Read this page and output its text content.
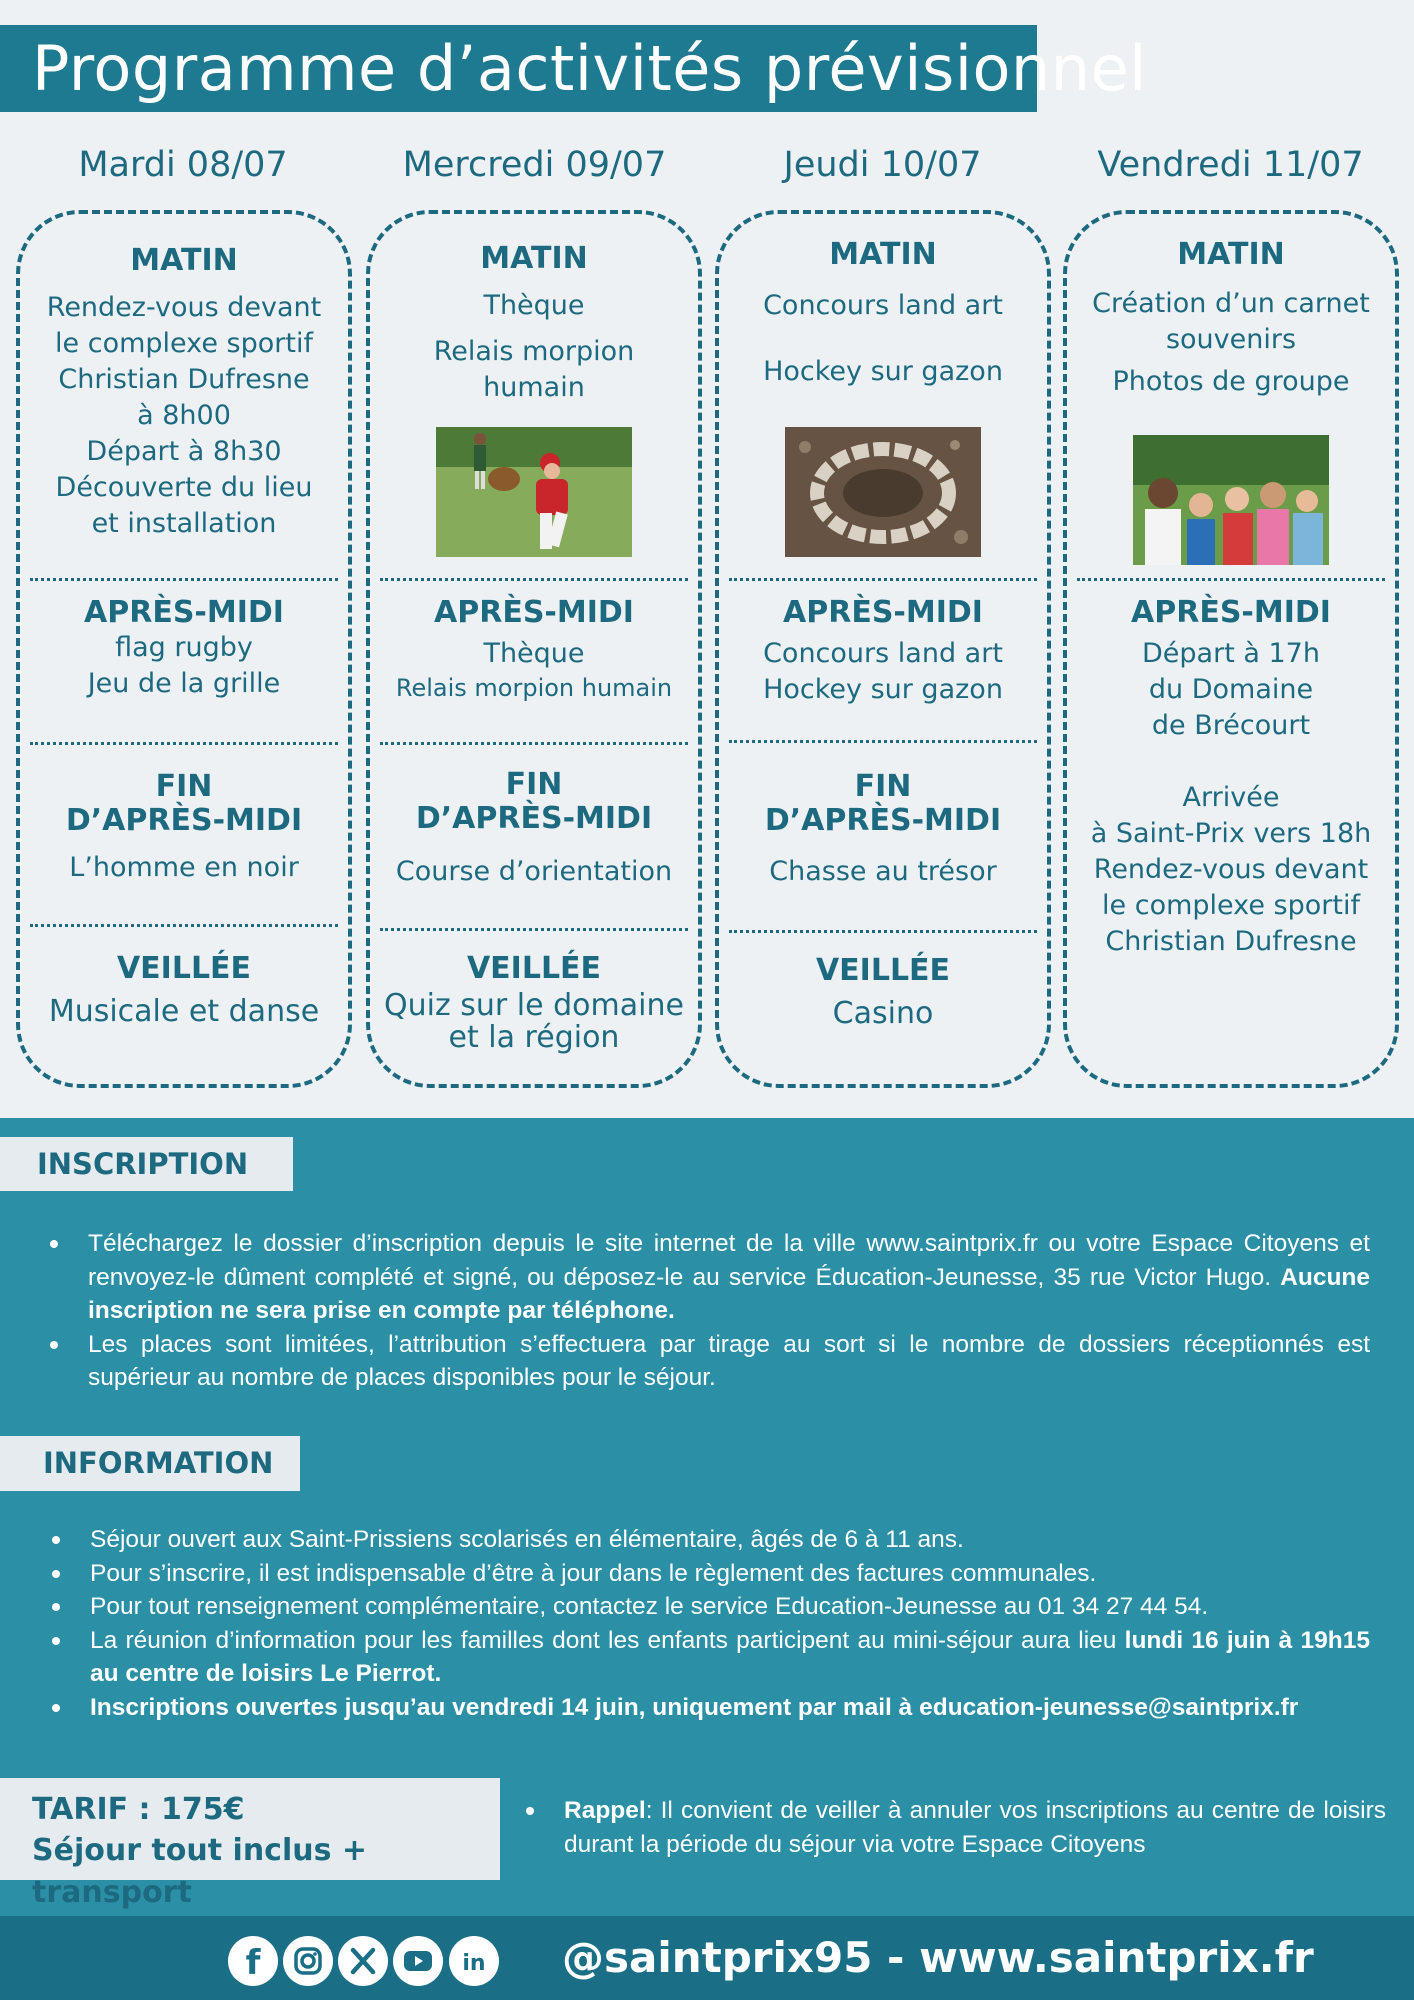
Programme d’activités prévisionnel
Mardi 08/07	Mercredi 09/07	Jeudi 10/07	Vendredi 11/07
MATIN

Rendez-vous devant

le complexe sportif

Christian Dufresne

à 8h00

Départ à 8h30

Découverte du lieu

et installation

APRÈS-MIDI

flag rugby

Jeu de la grille

FIN
D’APRÈS-MIDI

L’homme en noir

VEILLÉE

Musicale et danse

MATIN

Thèque

Relais morpion

humain

APRÈS-MIDI

Thèque

Relais morpion humain

FIN
D’APRÈS-MIDI

Course d’orientation

VEILLÉE

Quiz sur le domaine

et la région

MATIN

Concours land art

Hockey sur gazon

APRÈS-MIDI

Concours land art

Hockey sur gazon

FIN
D’APRÈS-MIDI

Chasse au trésor

VEILLÉE

Casino

MATIN

Création d’un carnet

souvenirs

Photos de groupe

APRÈS-MIDI

Départ à 17h

du Domaine

de Brécourt

Arrivée

à Saint-Prix vers 18h

Rendez-vous devant

le complexe sportif

Christian Dufresne

INSCRIPTION
Téléchargez le dossier d’inscription depuis le site internet de la ville www.saintprix.fr ou votre Espace Citoyens et renvoyez-le dûment complété et signé, ou déposez-le au service Éducation-Jeunesse, 35 rue Victor Hugo. Aucune inscription ne sera prise en compte par téléphone.
Les places sont limitées, l’attribution s’effectuera par tirage au sort si le nombre de dossiers réceptionnés est supérieur au nombre de places disponibles pour le séjour.
INFORMATION
Séjour ouvert aux Saint-Prissiens scolarisés en élémentaire, âgés de 6 à 11 ans.
Pour s’inscrire, il est indispensable d’être à jour dans le règlement des factures communales.
Pour tout renseignement complémentaire, contactez le service Education-Jeunesse au 01 34 27 44 54.
La réunion d’information pour les familles dont les enfants participent au mini-séjour aura lieu lundi 16 juin à 19h15 au centre de loisirs Le Pierrot.
Inscriptions ouvertes jusqu’au vendredi 14 juin, uniquement par mail à education-jeunesse@saintprix.fr
TARIF : 175€
Séjour tout inclus + transport
Rappel: Il convient de veiller à annuler vos inscriptions au centre de loisirs durant la période du séjour via votre Espace Citoyens
f	in @saintprix95 - www.saintprix.fr
